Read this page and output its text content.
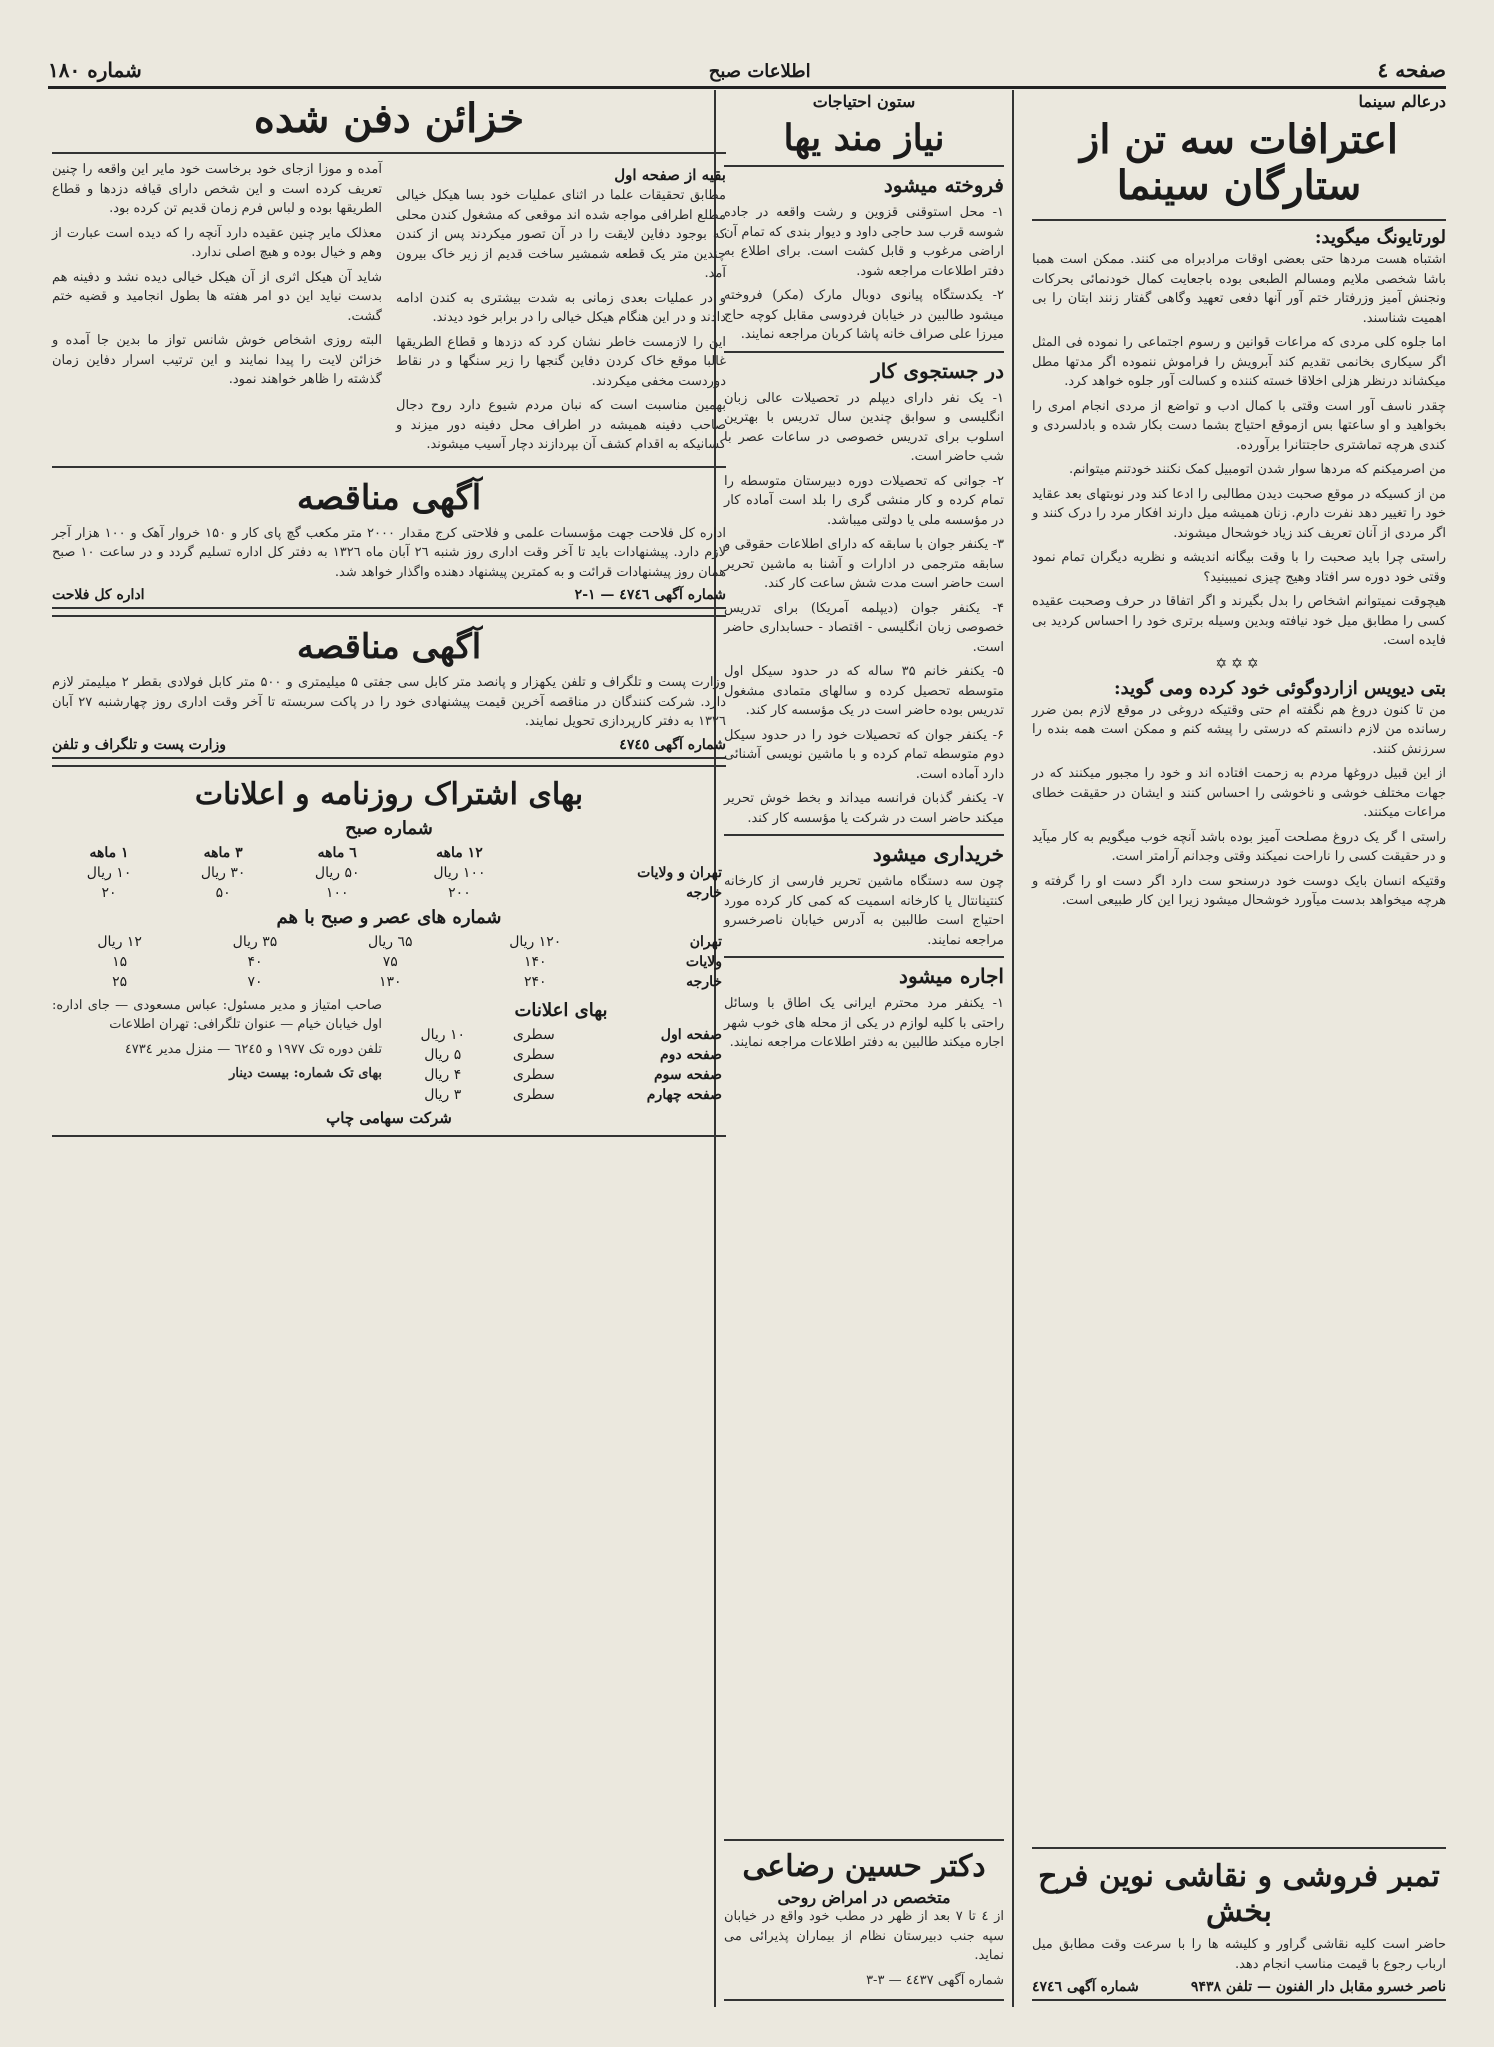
صفحه ٤
اطلاعات صبح
شماره ۱۸۰
درعالم سینما
اعترافات سه تن از ستارگان سینما
لورتایونگ میگوید:

اشتباه هست مردها حتی بعضی اوقات مرادبراه می کنند. ممکن است همبا باشا شخصی ملایم ومسالم الطبعی بوده باجعایت کمال خودنمائی بحرکات ونجنش آمیز وزرفتار ختم آور آنها دفعی تعهید وگاهی گفتار زنند ابتان را بی اهمیت شناسند.

اما جلوه کلی مردی که مراعات قوانین و رسوم اجتماعی را نموده فی المثل اگر سیکاری بخانمی تقدیم کند آبرویش را فراموش ننموده اگر مدتها مطل میکشاند درنظر هزلی اخلاقا خسته کننده و کسالت آور جلوه خواهد کرد.

چقدر ناسف آور است وقتی با کمال ادب و تواضع از مردی انجام امری را بخواهید و او ساعتها بس ازموقع احتیاج بشما دست بکار شده و بادلسردی و کندی هرچه تماشتری حاجتتانرا برآورده.

من اصرمیکنم که مردها سوار شدن اتومبیل کمک نکنند خودتنم میتوانم.

من از کسیکه در موقع صحبت دیدن مطالبی را ادعا کند ودر نوبتهای بعد عقاید خود را تغییر دهد نفرت دارم. زنان همیشه میل دارند افکار مرد را درک کنند و اگر مردی از آنان تعریف کند زیاد خوشحال میشوند.

راستی چرا باید صحبت را با وقت بیگانه اندیشه و نظریه دیگران تمام نمود وقتی خود دوره سر افتاد وهیج چیزی نمیبینید؟

هیچوقت نمیتوانم اشخاص را بدل بگیرند و اگر اتفاقا در حرف وصحبت عقیده کسی را مطابق میل خود نیافته وبدین وسیله برتری خود را احساس کردید بی فایده است.

✡✡✡
بتی دیویس ازاردوگوئی خود کرده ومی گوید:

من تا کنون دروغ هم نگفته ام حتی وقتیکه دروغی در موقع لازم بمن ضرر رسانده من لازم دانستم که درستی را پیشه کنم و ممکن است همه بنده را سرزنش کنند.

از این قبیل دروغها مردم به زحمت افتاده اند و خود را مجبور میکنند که در جهات مختلف خوشی و ناخوشی را احساس کنند و ایشان در حقیقت خطای مراعات میکنند.

راستی ا گر یک دروغ مصلحت آمیز بوده باشد آنچه خوب میگویم به کار میآید و در حقیقت کسی را ناراحت نمیکند وقتی وجدانم آرامتر است.

وقتیکه انسان بایک دوست خود درسنحو ست دارد اگر دست او را گرفته و هرچه میخواهد بدست میآورد خوشحال میشود زیرا این کار طبیعی است.

تمبر فروشی و نقاشی نوین فرح بخش

حاضر است کلیه نقاشی گراور و کلیشه ها را با سرعت وقت مطابق میل ارباب رجوع با قیمت مناسب انجام دهد.

ناصر خسرو مقابل دار الفنون — تلفن ۹۴۳۸
شماره آگهی ٤٧٤٦
ستون احتیاجات
نیاز مند یها
فروخته میشود

۱- محل استوقنی قزوین و رشت واقعه در جاده شوسه قرب سد حاجی داود و دیوار بندی که تمام آن اراضی مرغوب و قابل کشت است. برای اطلاع به دفتر اطلاعات مراجعه شود.

۲- یکدستگاه پیانوی دوبال مارک (مکر) فروخته میشود طالبین در خیابان فردوسی مقابل کوچه حاج میرزا علی صراف خانه پاشا کربان مراجعه نمایند.

در جستجوی کار

۱- یک نفر دارای دیپلم در تحصیلات عالی زبان انگلیسی و سوابق چندین سال تدریس با بهترین اسلوب برای تدریس خصوصی در ساعات عصر با شب حاضر است.

۲- جوانی که تحصیلات دوره دبیرستان متوسطه را تمام کرده و کار منشی گری را بلد است آماده کار در مؤسسه ملی یا دولتی میباشد.

۳- یکنفر جوان با سابقه که دارای اطلاعات حقوقی و سابقه مترجمی در ادارات و آشنا به ماشین تحریر است حاضر است مدت شش ساعت کار کند.

۴- یکنفر جوان (دیپلمه آمریکا) برای تدریس خصوصی زبان انگلیسی - اقتصاد - حسابداری حاضر است.

۵- یکنفر خانم ۳۵ ساله که در حدود سیکل اول متوسطه تحصیل کرده و سالهای متمادی مشغول تدریس بوده حاضر است در یک مؤسسه کار کند.

۶- یکنفر جوان که تحصیلات خود را در حدود سیکل دوم متوسطه تمام کرده و با ماشین نویسی آشنائی دارد آماده است.

۷- یکنفر گذبان فرانسه میداند و بخط خوش تحریر میکند حاضر است در شرکت یا مؤسسه کار کند.

خریداری میشود

چون سه دستگاه ماشین تحریر فارسی از کارخانه کنتینانتال یا کارخانه اسمیت که کمی کار کرده مورد احتیاج است طالبین به آدرس خیابان ناصرخسرو مراجعه نمایند.

اجاره میشود

۱- یکنفر مرد محترم ایرانی یک اطاق با وسائل راحتی با کلیه لوازم در یکی از محله های خوب شهر اجاره میکند طالبین به دفتر اطلاعات مراجعه نمایند.

دکتر حسین رضاعی
متخصص در امراض روحی

از ٤ تا ٧ بعد از ظهر در مطب خود واقع در خیابان سپه جنب دبیرستان نظام از بیماران پذیرائی می نماید.

شماره آگهی ٤٤٣٧ — ۳-۳
خزائن دفن شده
بقیه از صفحه اول

مطابق تحقیقات علما در اثنای عملیات خود بسا هیکل خیالی مطلع اطرافی مواجه شده اند موقعی که مشغول کندن محلی که بوجود دفاین لایقت را در آن تصور میکردند پس از کندن چندین متر یک قطعه شمشیر ساخت قدیم از زیر خاک بیرون آمد.

و در عملیات بعدی زمانی به شدت بیشتری به کندن ادامه دادند و در این هنگام هیکل خیالی را در برابر خود دیدند.

این را لازمست خاطر نشان کرد که دزدها و قطاع الطریقها غالبا موقع خاک کردن دفاین گنجها را زیر سنگها و در نقاط دوردست مخفی میکردند.

بهمین مناسبت است که نبان مردم شیوع دارد روح دجال صاحب دفینه همیشه در اطراف محل دفینه دور میزند و کسانیکه به اقدام کشف آن بپردازند دچار آسیب میشوند.

آمده و موزا ازجای خود برخاست خود مایر این واقعه را چنین تعریف کرده است و این شخص دارای قیافه دزدها و قطاع الطریقها بوده و لباس فرم زمان قدیم تن کرده بود.

معذلک مایر چنین عقیده دارد آنچه را که دیده است عبارت از وهم و خیال بوده و هیچ اصلی ندارد.

شاید آن هیکل اثری از آن هیکل خیالی دیده نشد و دفینه هم بدست نیاید این دو امر هفته ها بطول انجامید و قضیه ختم گشت.

البته روزی اشخاص خوش شانس تواز ما بدین جا آمده و خزائن لایت را پیدا نمایند و این ترتیب اسرار دفاین زمان گذشته را ظاهر خواهند نمود.

آگهی مناقصه

اداره کل فلاحت جهت مؤسسات علمی و فلاحتی کرج مقدار ۲۰۰۰ متر مکعب گچ پای کار و ۱۵۰ خروار آهک و ۱۰۰ هزار آجر لازم دارد. پیشنهادات باید تا آخر وقت اداری روز شنبه ۲٦ آبان ماه ۱۳۲٦ به دفتر کل اداره تسلیم گردد و در ساعت ۱۰ صبح همان روز پیشنهادات قرائت و به کمترین پیشنهاد دهنده واگذار خواهد شد.

شماره آگهی ٤٧٤٦ — ۱-۲
اداره کل فلاحت
آگهی مناقصه

وزارت پست و تلگراف و تلفن یکهزار و پانصد متر کابل سی جفتی ۵ میلیمتری و ۵۰۰ متر کابل فولادی بقطر ۲ میلیمتر لازم دارد. شرکت کنندگان در مناقصه آخرین قیمت پیشنهادی خود را در پاکت سربسته تا آخر وقت اداری روز چهارشنبه ۲۷ آبان ۱۳۲٦ به دفتر کارپردازی تحویل نمایند.

شماره آگهی ٤٧٤٥
وزارت پست و تلگراف و تلفن
بهای اشتراک روزنامه و اعلانات
شماره صبح
	۱۲ ماهه	٦ ماهه	۳ ماهه	۱ ماهه
تهران و ولایات	۱۰۰ ریال	۵۰ ریال	۳۰ ریال	۱۰ ریال
خارجه	۲۰۰	۱۰۰	۵۰	۲۰
شماره های عصر و صبح با هم
تهران	۱۲۰ ریال	٦۵ ریال	۳۵ ریال	۱۲ ریال
ولایات	۱۴۰	۷۵	۴۰	۱۵
خارجه	۲۴۰	۱۳۰	۷۰	۲۵
بهای اعلانات
صفحه اول	سطری	۱۰ ریال
صفحه دوم	سطری	۵ ریال
صفحه سوم	سطری	۴ ریال
صفحه چهارم	سطری	۳ ریال

صاحب امتیاز و مدیر مسئول: عباس مسعودی — جای اداره: اول خیابان خیام — عنوان تلگرافی: تهران اطلاعات

تلفن دوره تک ١٩٧٧ و ٦٢٤٥ — منزل مدیر ٤٧٣٤

بهای تک شماره: بیست دینار

شرکت سهامی چاپ
